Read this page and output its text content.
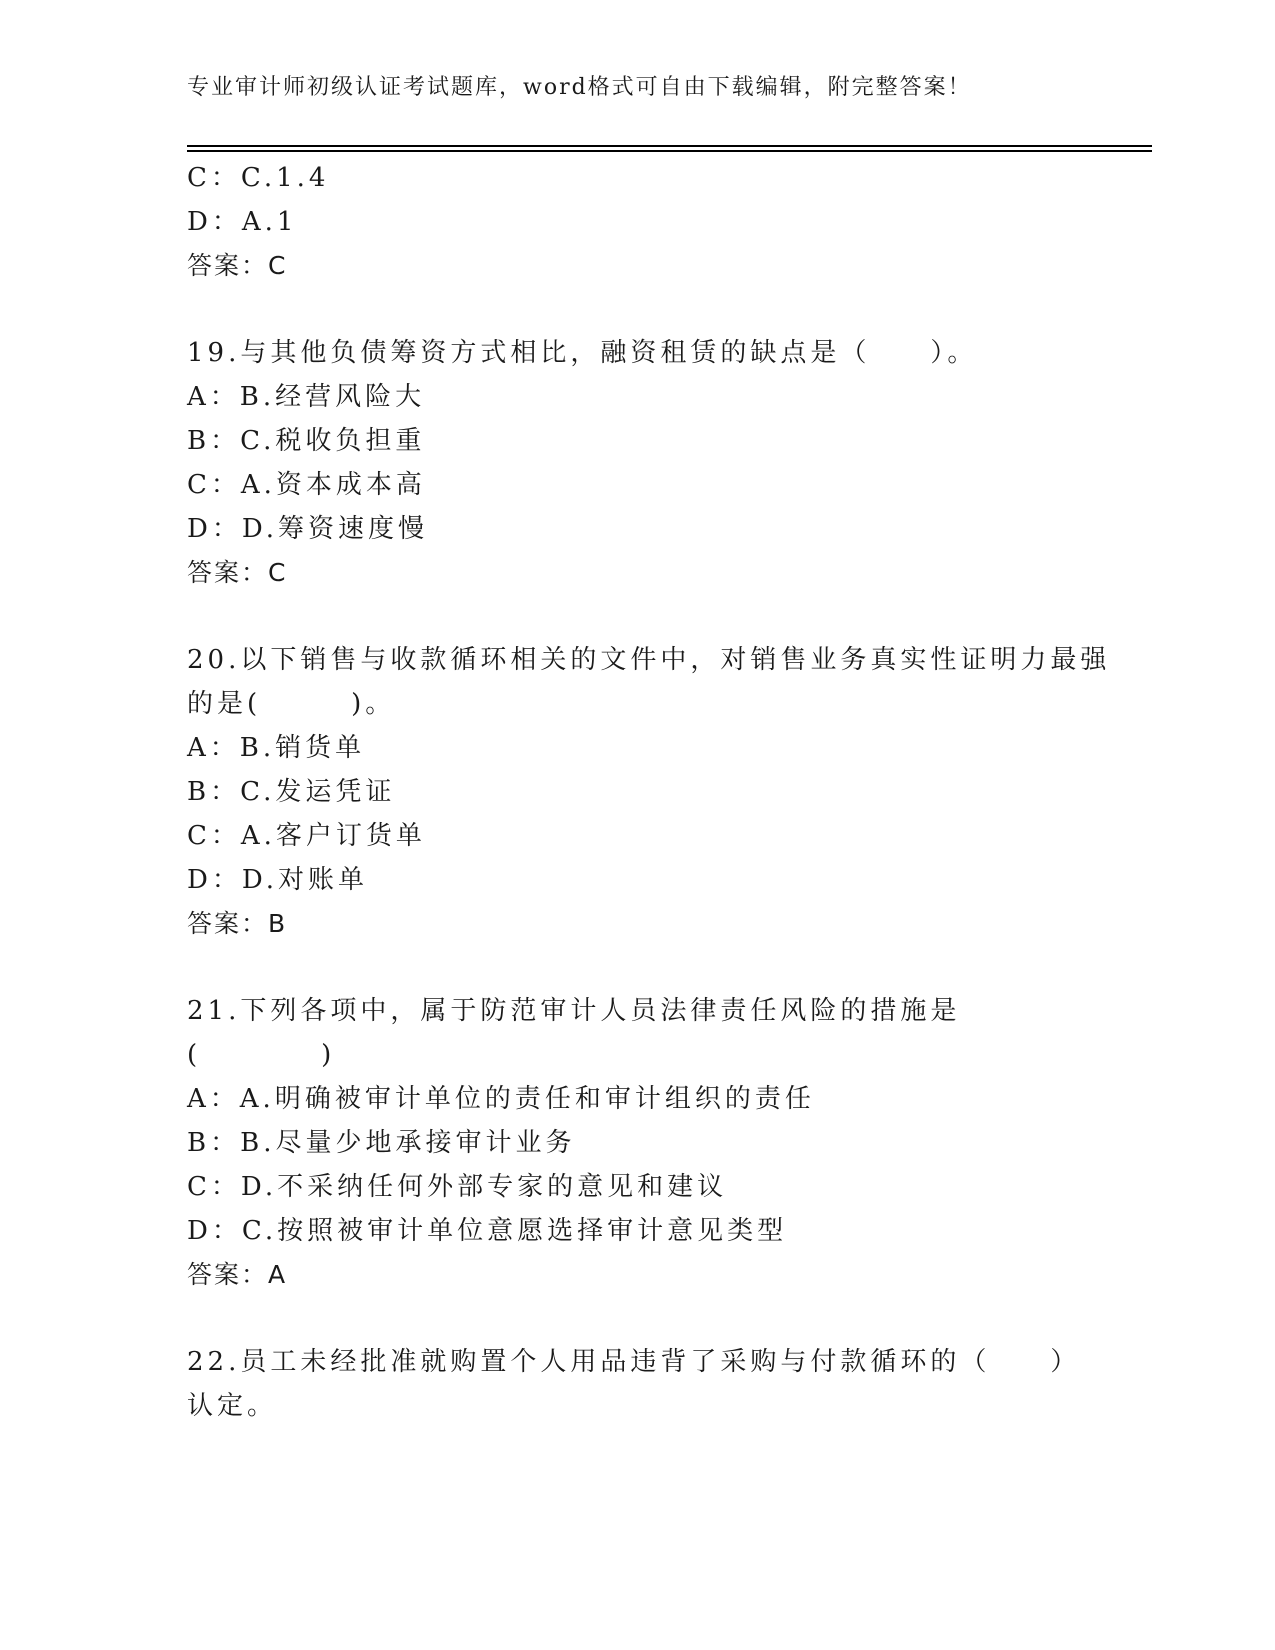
专业审计师初级认证考试题库，word格式可自由下载编辑，附完整答案！
C：C.1.4
D：A.1
答案：C
19.与其他负债筹资方式相比，融资租赁的缺点是（　　）。
A：B.经营风险大
B：C.税收负担重
C：A.资本成本高
D：D.筹资速度慢
答案：C
20.以下销售与收款循环相关的文件中，对销售业务真实性证明力最强
的是(　　　)。
A：B.销货单
B：C.发运凭证
C：A.客户订货单
D：D.对账单
答案：B
21.下列各项中，属于防范审计人员法律责任风险的措施是
(　　　　)
A：A.明确被审计单位的责任和审计组织的责任
B：B.尽量少地承接审计业务
C：D.不采纳任何外部专家的意见和建议
D：C.按照被审计单位意愿选择审计意见类型
答案：A
22.员工未经批准就购置个人用品违背了采购与付款循环的（　　）
认定。
